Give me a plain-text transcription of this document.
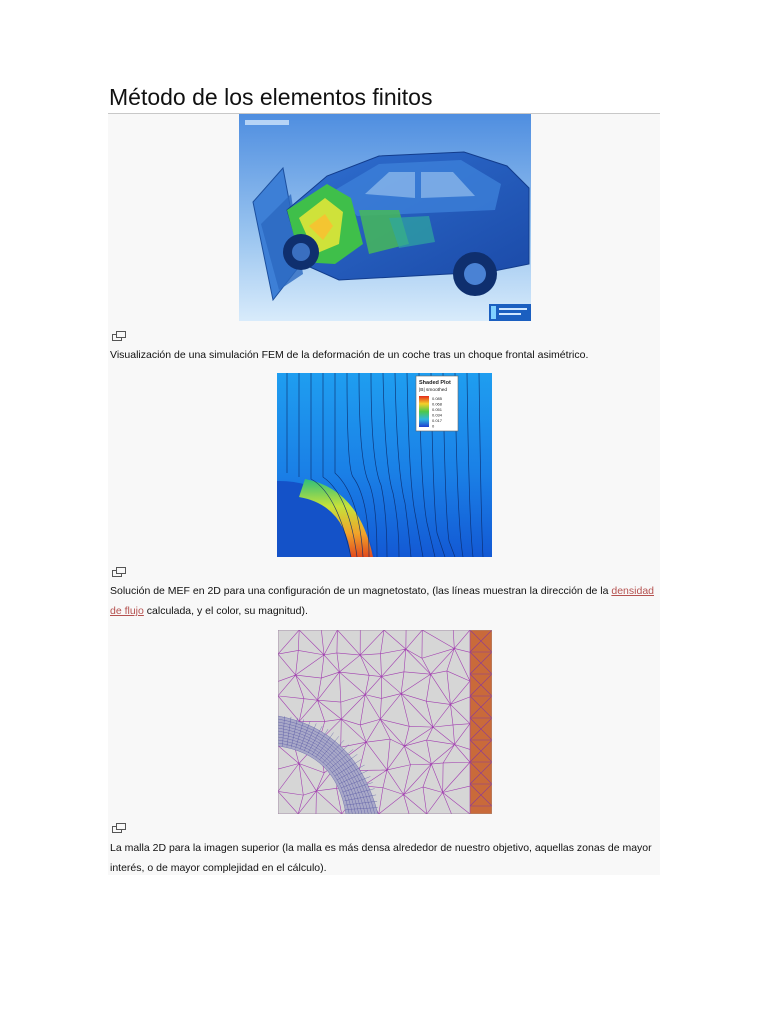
Método de los elementos finitos
Visualización de una simulación FEM de la deformación de un coche tras un choque frontal asimétrico.
Shaded Plot
|B| smoothed
0.085
0.068
0.051
0.034
0.017
0
Solución de MEF en 2D para una configuración de un magnetostato, (las líneas muestran la dirección de la densidad de flujo calculada, y el color, su magnitud).
La malla 2D para la imagen superior (la malla es más densa alrededor de nuestro objetivo, aquellas zonas de mayor interés, o de mayor complejidad en el cálculo).
